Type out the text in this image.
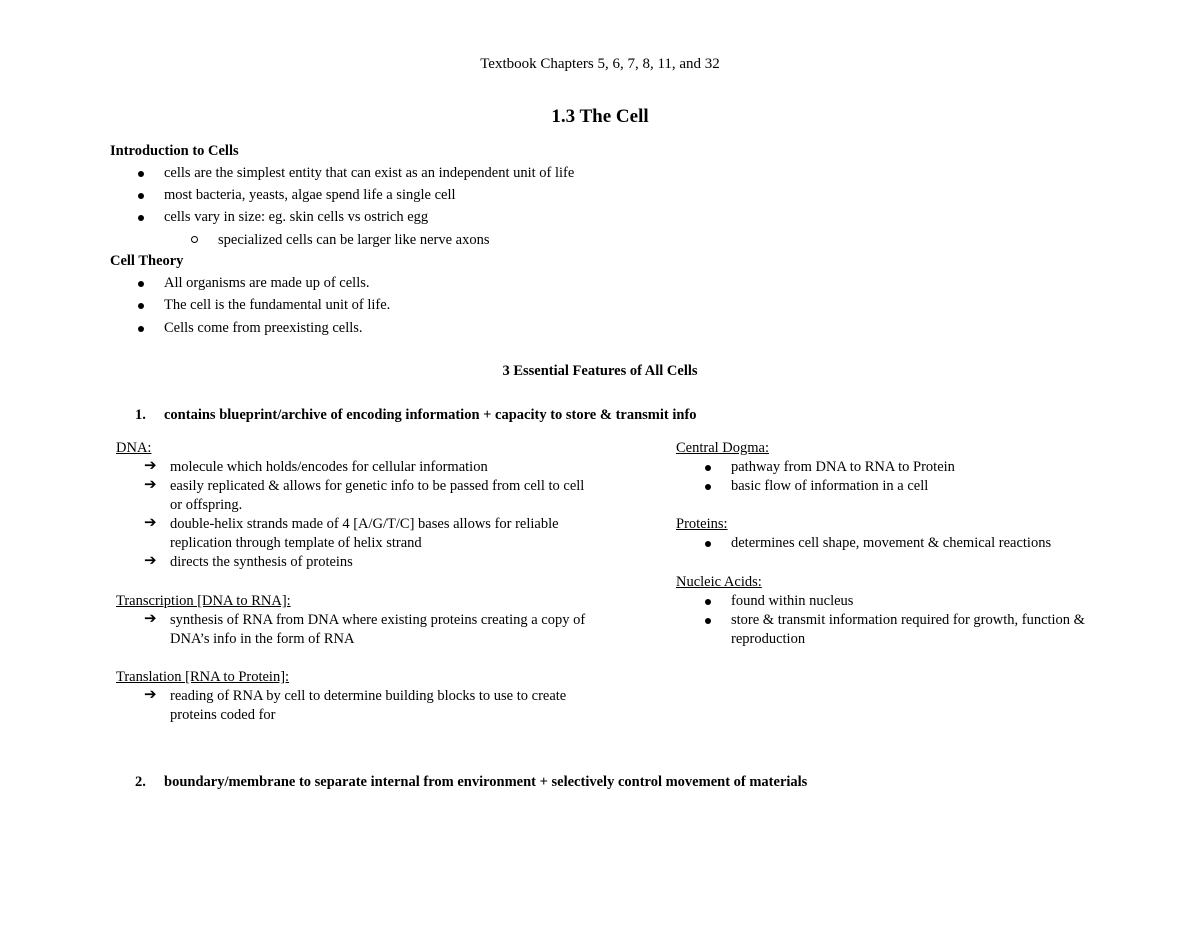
Textbook Chapters 5, 6, 7, 8, 11, and 32
1.3 The Cell
Introduction to Cells
cells are the simplest entity that can exist as an independent unit of life
most bacteria, yeasts, algae spend life a single cell
cells vary in size: eg. skin cells vs ostrich egg
specialized cells can be larger like nerve axons
Cell Theory
All organisms are made up of cells.
The cell is the fundamental unit of life.
Cells come from preexisting cells.
3 Essential Features of All Cells
1. contains blueprint/archive of encoding information + capacity to store & transmit info
DNA:
➔ molecule which holds/encodes for cellular information
➔ easily replicated & allows for genetic info to be passed from cell to cell
or offspring.
➔ double-helix strands made of 4 [A/G/T/C] bases allows for reliable
replication through template of helix strand
➔ directs the synthesis of proteins
Transcription [DNA to RNA]:
➔ synthesis of RNA from DNA where existing proteins creating a copy of
DNA’s info in the form of RNA
Translation [RNA to Protein]:
➔ reading of RNA by cell to determine building blocks to use to create
proteins coded for
Central Dogma:
pathway from DNA to RNA to Protein
basic flow of information in a cell
Proteins:
determines cell shape, movement & chemical reactions
Nucleic Acids:
found within nucleus
store & transmit information required for growth, function &
reproduction
2. boundary/membrane to separate internal from environment + selectively control movement of materials
